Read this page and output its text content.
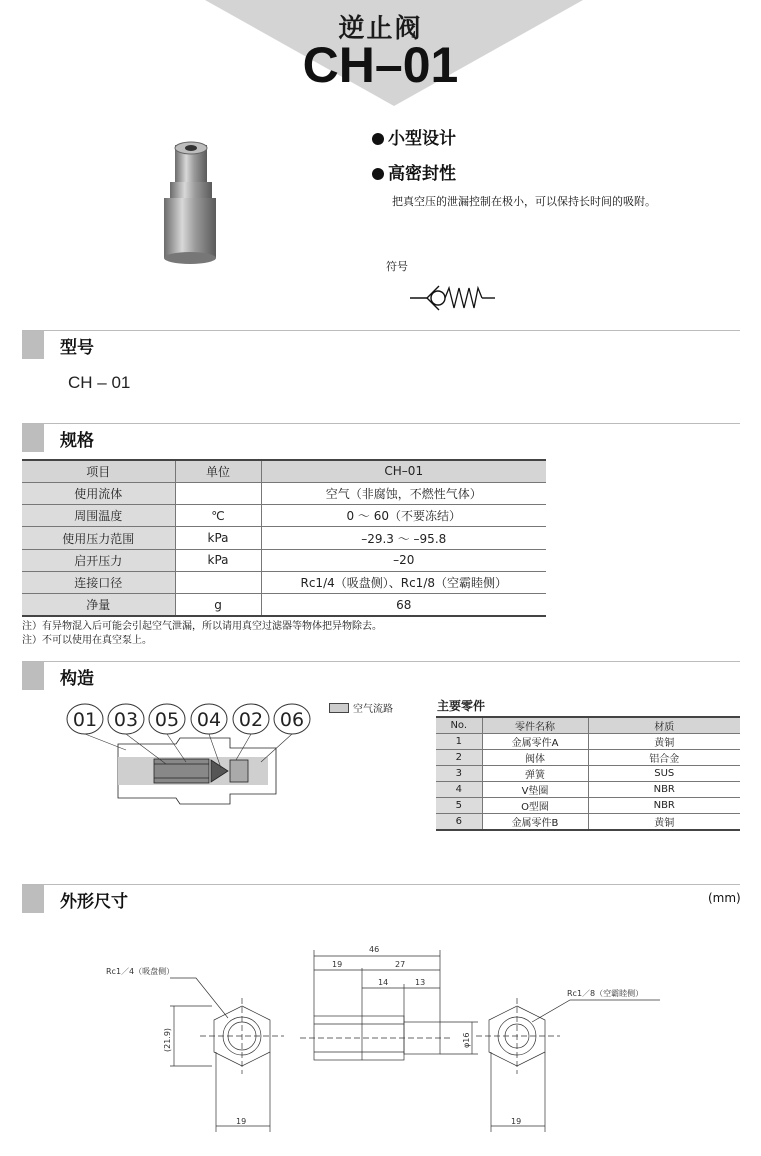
逆止阀
CH–01
小型设计
高密封性
把真空压的泄漏控制在极小，可以保持长时间的吸附。
符号
型号
CH – 01
规格
项目	单位	CH–01
使用流体		空气（非腐蚀，不燃性气体）
周围温度	℃	0 ～ 60（不要冻结）
使用压力范围	kPa	–29.3 ～ –95.8
启开压力	kPa	–20
连接口径		Rc1/4（吸盘侧）、Rc1/8（空霸睦侧）
净量	g	68
注）有异物混入后可能会引起空气泄漏，所以请用真空过滤器等物体把异物除去。
注）不可以使用在真空泵上。
构造
01 03 05 04 02 06	空气流路	主要零件
No.	零件名称	材质
1	金属零件A	黄铜
2	阀体	铝合金
3	弹簧	SUS
4	V垫圈	NBR
5	O型圈	NBR
6	金属零件B	黄铜
外形尺寸	(mm)
Rc1／4（吸盘侧）
Rc1／8（空霸睦侧）
46
19	27
14	13
19	19
(21.9)	φ16
